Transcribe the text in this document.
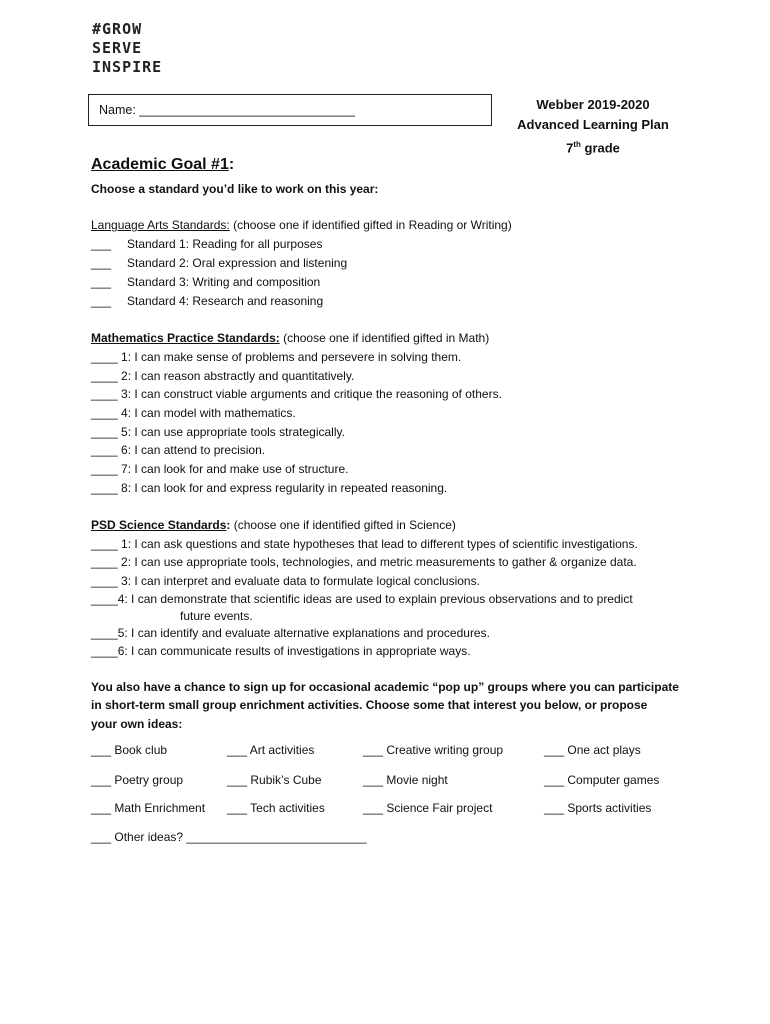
#GROW
SERVE
INSPIRE
Name: _______________________________	Webber 2019-2020
Advanced Learning Plan
7th grade
Academic Goal #1:
Choose a standard you’d like to work on this year:
Language Arts Standards: (choose one if identified gifted in Reading or Writing)
___ Standard 1: Reading for all purposes
___ Standard 2: Oral expression and listening
___ Standard 3: Writing and composition
___ Standard 4: Research and reasoning
Mathematics Practice Standards: (choose one if identified gifted in Math)
____ 1: I can make sense of problems and persevere in solving them.
____ 2: I can reason abstractly and quantitatively.
____ 3: I can construct viable arguments and critique the reasoning of others.
____ 4: I can model with mathematics.
____ 5: I can use appropriate tools strategically.
____ 6: I can attend to precision.
____ 7: I can look for and make use of structure.
____ 8: I can look for and express regularity in repeated reasoning.
PSD Science Standards: (choose one if identified gifted in Science)
____ 1: I can ask questions and state hypotheses that lead to different types of scientific investigations.
____ 2: I can use appropriate tools, technologies, and metric measurements to gather & organize data.
____ 3: I can interpret and evaluate data to formulate logical conclusions.
____4: I can demonstrate that scientific ideas are used to explain previous observations and to predict
future events.
____5: I can identify and evaluate alternative explanations and procedures.
____6: I can communicate results of investigations in appropriate ways.
You also have a chance to sign up for occasional academic “pop up” groups where you can participate
in short-term small group enrichment activities. Choose some that interest you below, or propose
your own ideas:
___ Book club	___ Art activities	___ Creative writing group	___ One act plays
___ Poetry group	___ Rubik’s Cube	___ Movie night	___ Computer games
___ Math Enrichment ___ Tech activities	___ Science Fair project	___ Sports activities
___ Other ideas? ___________________________
